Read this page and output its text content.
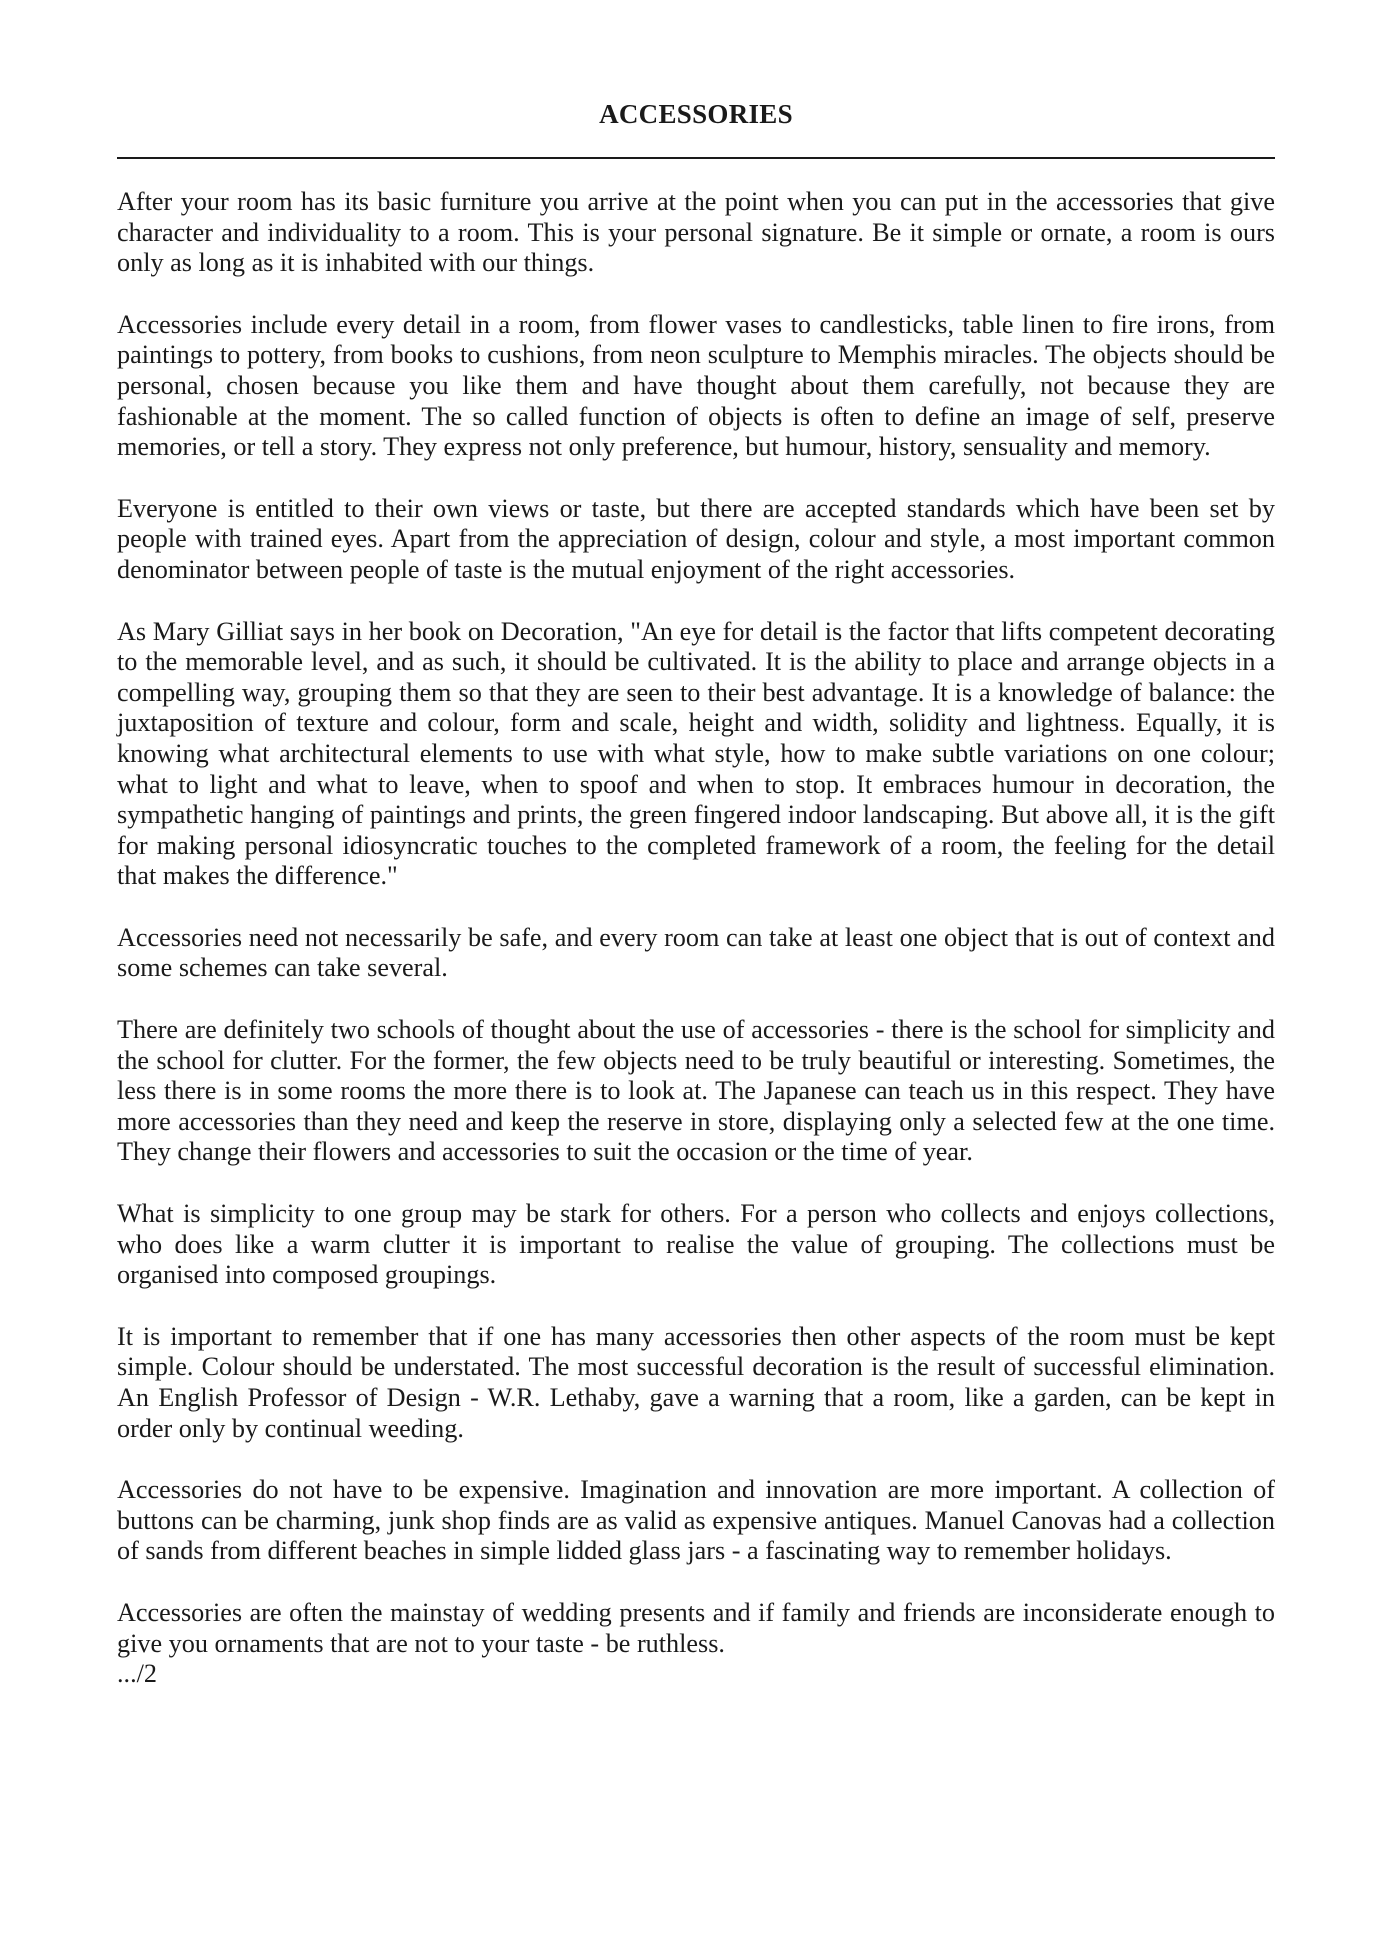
ACCESSORIES

After your room has its basic furniture you arrive at the point when you can put in the accessories that give character and individuality to a room. This is your personal signature. Be it simple or ornate, a room is ours only as long as it is inhabited with our things.

Accessories include every detail in a room, from flower vases to candlesticks, table linen to fire irons, from paintings to pottery, from books to cushions, from neon sculpture to Memphis miracles. The objects should be personal, chosen because you like them and have thought about them carefully, not because they are fashionable at the moment. The so called function of objects is often to define an image of self, preserve memories, or tell a story. They express not only preference, but humour, history, sensuality and memory.

Everyone is entitled to their own views or taste, but there are accepted standards which have been set by people with trained eyes. Apart from the appreciation of design, colour and style, a most important common denominator between people of taste is the mutual enjoyment of the right accessories.

As Mary Gilliat says in her book on Decoration, "An eye for detail is the factor that lifts competent decorating to the memorable level, and as such, it should be cultivated. It is the ability to place and arrange objects in a compelling way, grouping them so that they are seen to their best advantage. It is a knowledge of balance: the juxtaposition of texture and colour, form and scale, height and width, solidity and lightness. Equally, it is knowing what architectural elements to use with what style, how to make subtle variations on one colour; what to light and what to leave, when to spoof and when to stop. It embraces humour in decoration, the sympathetic hanging of paintings and prints, the green fingered indoor landscaping. But above all, it is the gift for making personal idiosyncratic touches to the completed framework of a room, the feeling for the detail that makes the difference."

Accessories need not necessarily be safe, and every room can take at least one object that is out of context and some schemes can take several.

There are definitely two schools of thought about the use of accessories - there is the school for simplicity and the school for clutter. For the former, the few objects need to be truly beautiful or interesting. Sometimes, the less there is in some rooms the more there is to look at. The Japanese can teach us in this respect. They have more accessories than they need and keep the reserve in store, displaying only a selected few at the one time. They change their flowers and accessories to suit the occasion or the time of year.

What is simplicity to one group may be stark for others. For a person who collects and enjoys collections, who does like a warm clutter it is important to realise the value of grouping. The collections must be organised into composed groupings.

It is important to remember that if one has many accessories then other aspects of the room must be kept simple. Colour should be understated. The most successful decoration is the result of successful elimination. An English Professor of Design - W.R. Lethaby, gave a warning that a room, like a garden, can be kept in order only by continual weeding.

Accessories do not have to be expensive. Imagination and innovation are more important. A collection of buttons can be charming, junk shop finds are as valid as expensive antiques. Manuel Canovas had a collection of sands from different beaches in simple lidded glass jars - a fascinating way to remember holidays.

Accessories are often the mainstay of wedding presents and if family and friends are inconsiderate enough to give you ornaments that are not to your taste - be ruthless.

.../2
